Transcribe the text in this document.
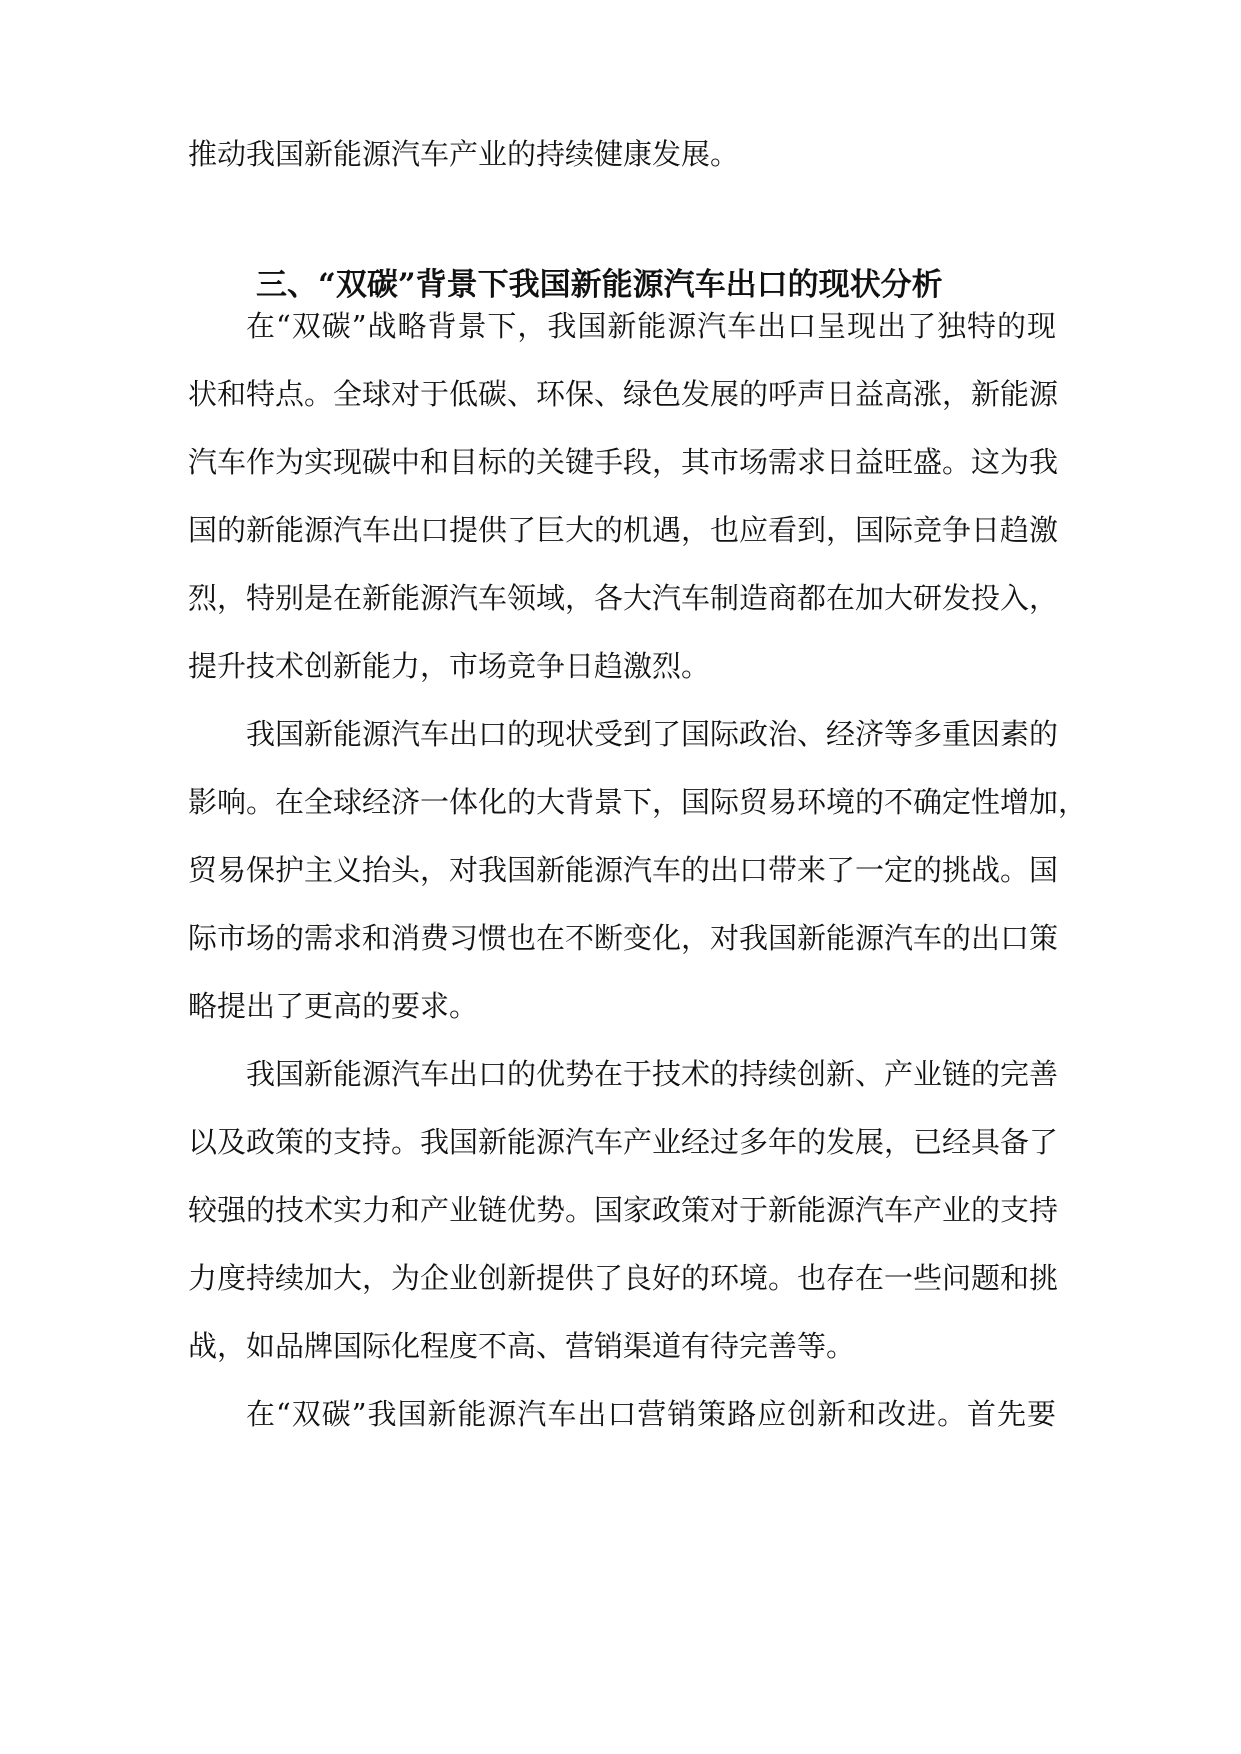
推动我国新能源汽车产业的持续健康发展。
在“双碳”战略背景下，我国新能源汽车出口呈现出了独特的现
状和特点。全球对于低碳、环保、绿色发展的呼声日益高涨，新能源
汽车作为实现碳中和目标的关键手段，其市场需求日益旺盛。这为我
国的新能源汽车出口提供了巨大的机遇，也应看到，国际竞争日趋激
烈，特别是在新能源汽车领域，各大汽车制造商都在加大研发投入，
提升技术创新能力，市场竞争日趋激烈。
我国新能源汽车出口的现状受到了国际政治、经济等多重因素的
影响。在全球经济一体化的大背景下，国际贸易环境的不确定性增加，
贸易保护主义抬头，对我国新能源汽车的出口带来了一定的挑战。国
际市场的需求和消费习惯也在不断变化，对我国新能源汽车的出口策
略提出了更高的要求。
我国新能源汽车出口的优势在于技术的持续创新、产业链的完善
以及政策的支持。我国新能源汽车产业经过多年的发展，已经具备了
较强的技术实力和产业链优势。国家政策对于新能源汽车产业的支持
力度持续加大，为企业创新提供了良好的环境。也存在一些问题和挑
战，如品牌国际化程度不高、营销渠道有待完善等。
在“双碳”我国新能源汽车出口营销策路应创新和改进。首先要
三、“双碳”背景下我国新能源汽车出口的现状分析
